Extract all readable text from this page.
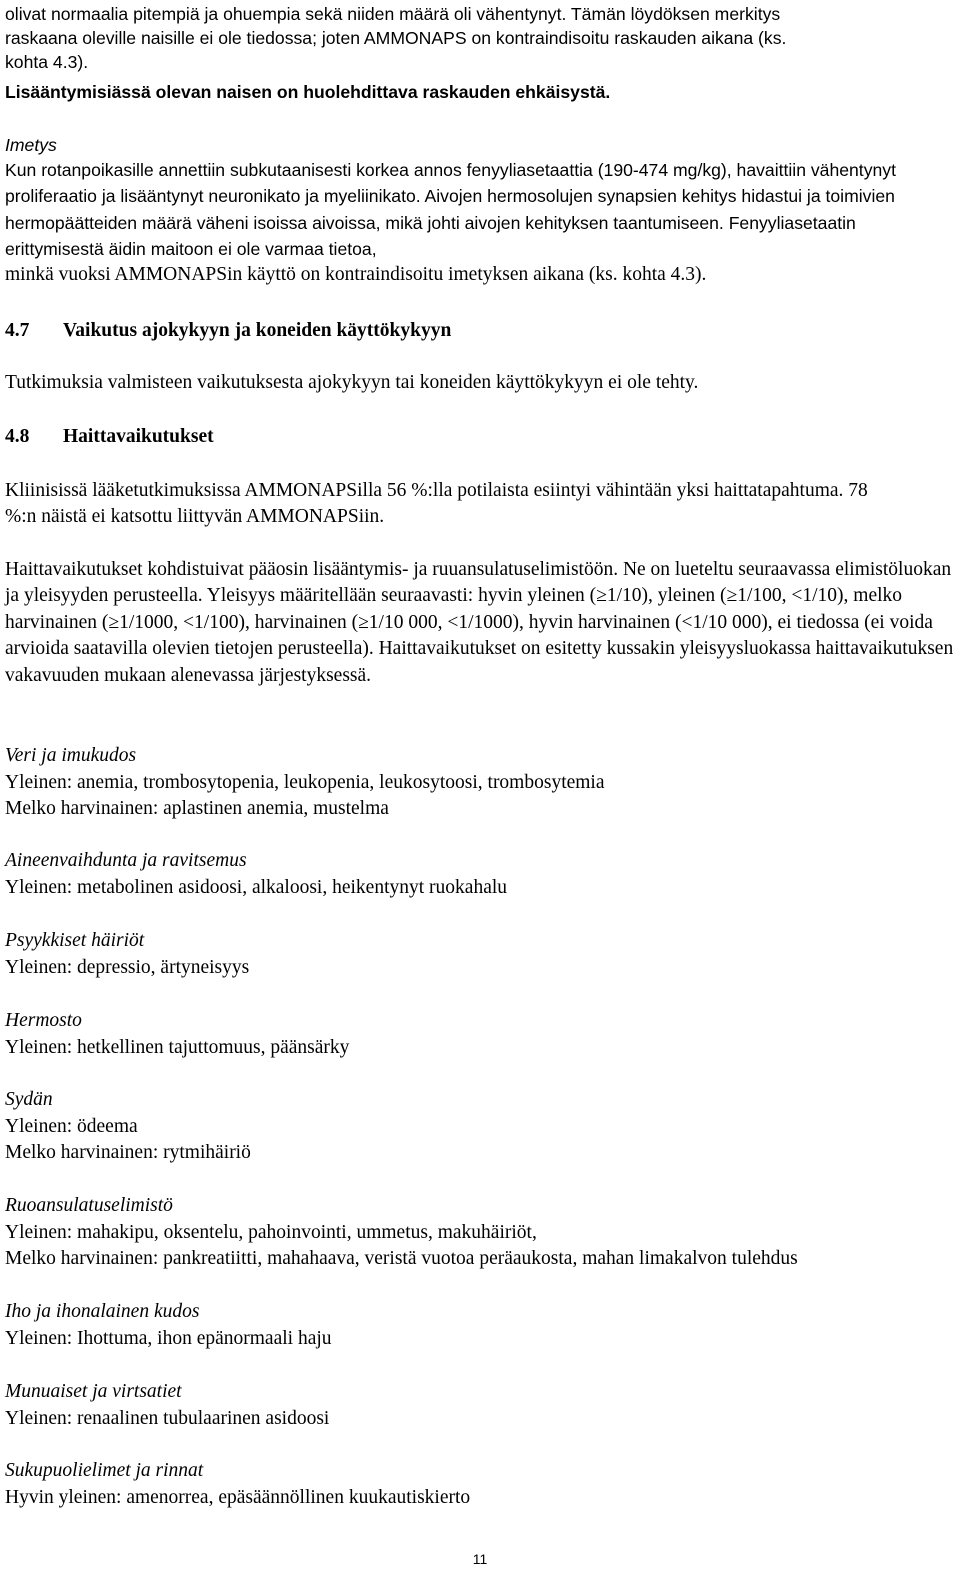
olivat normaalia pitempiä ja ohuempia sekä niiden määrä oli vähentynyt. Tämän löydöksen merkitys
raskaana oleville naisille ei ole tiedossa; joten AMMONAPS on kontraindisoitu raskauden aikana (ks.
kohta 4.3).

Lisääntymisiässä olevan naisen on huolehdittava raskauden ehkäisystä.

Imetys

Kun rotanpoikasille annettiin subkutaanisesti korkea annos fenyyliasetaattia (190-474 mg/kg), havaittiin vähentynyt proliferaatio ja lisääntynyt neuronikato ja myeliinikato. Aivojen hermosolujen synapsien kehitys hidastui ja toimivien hermopäätteiden määrä väheni isoissa aivoissa, mikä johti aivojen kehityksen taantumiseen. Fenyyliasetaatin erittymisestä äidin maitoon ei ole varmaa tietoa,

minkä vuoksi AMMONAPSin käyttö on kontraindisoitu imetyksen aikana (ks. kohta 4.3).

4.7 Vaikutus ajokykyyn ja koneiden käyttökykyyn

Tutkimuksia valmisteen vaikutuksesta ajokykyyn tai koneiden käyttökykyyn ei ole tehty.

4.8 Haittavaikutukset

Kliinisissä lääketutkimuksissa AMMONAPSilla 56 %:lla potilaista esiintyi vähintään yksi haittatapahtuma. 78 %:n näistä ei katsottu liittyvän AMMONAPSiin.

Haittavaikutukset kohdistuivat pääosin lisääntymis- ja ruuansulatuselimistöön. Ne on lueteltu seuraavassa elimistöluokan ja yleisyyden perusteella. Yleisyys määritellään seuraavasti: hyvin yleinen (≥1/10), yleinen (≥1/100, <1/10), melko harvinainen (≥1/1000, <1/100), harvinainen (≥1/10 000, <1/1000), hyvin harvinainen (<1/10 000), ei tiedossa (ei voida arvioida saatavilla olevien tietojen perusteella). Haittavaikutukset on esitetty kussakin yleisyysluokassa haittavaikutuksen vakavuuden mukaan alenevassa järjestyksessä.

Veri ja imukudos

Yleinen: anemia, trombosytopenia, leukopenia, leukosytoosi, trombosytemia

Melko harvinainen: aplastinen anemia, mustelma

Aineenvaihdunta ja ravitsemus

Yleinen: metabolinen asidoosi, alkaloosi, heikentynyt ruokahalu

Psyykkiset häiriöt

Yleinen: depressio, ärtyneisyys

Hermosto

Yleinen: hetkellinen tajuttomuus, päänsärky

Sydän

Yleinen: ödeema

Melko harvinainen: rytmihäiriö

Ruoansulatuselimistö

Yleinen: mahakipu, oksentelu, pahoinvointi, ummetus, makuhäiriöt,

Melko harvinainen: pankreatiitti, mahahaava, veristä vuotoa peräaukosta, mahan limakalvon tulehdus

Iho ja ihonalainen kudos

Yleinen: Ihottuma, ihon epänormaali haju

Munuaiset ja virtsatiet

Yleinen: renaalinen tubulaarinen asidoosi

Sukupuolielimet ja rinnat

Hyvin yleinen: amenorrea, epäsäännöllinen kuukautiskierto

11
